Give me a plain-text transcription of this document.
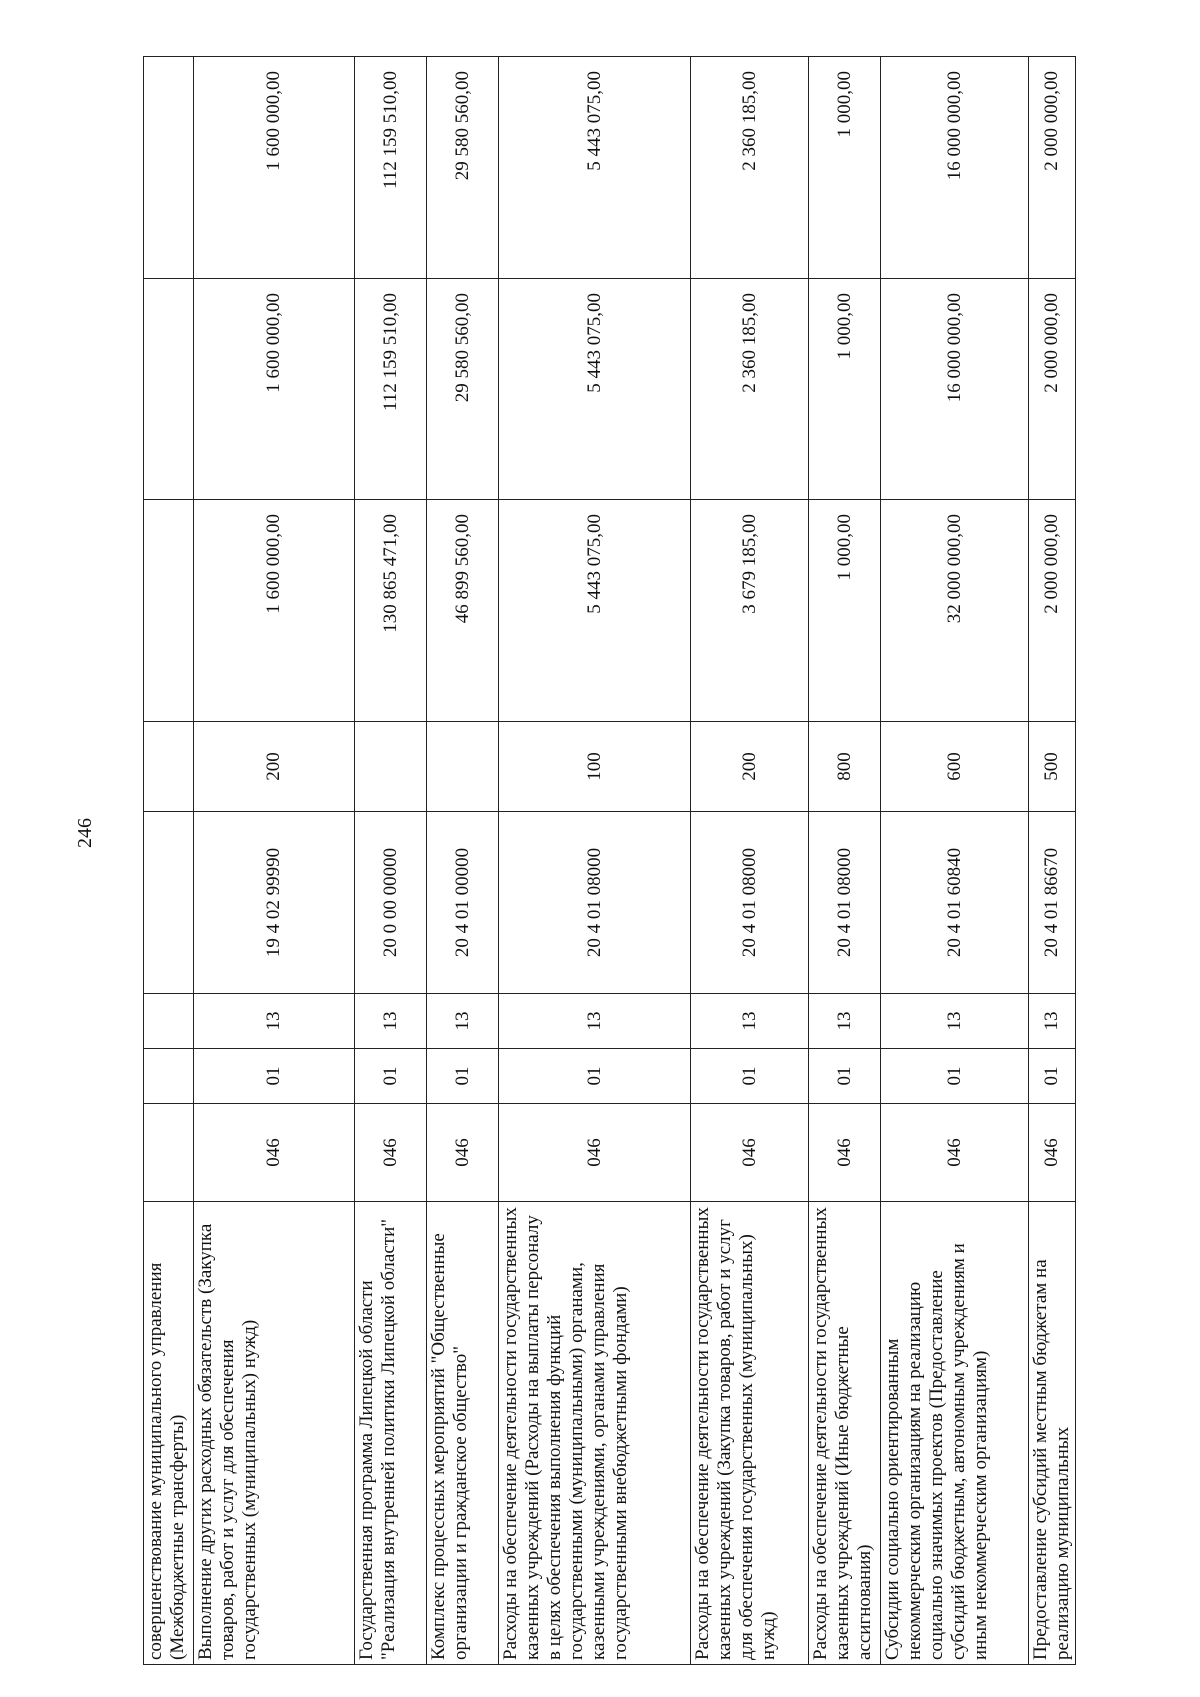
246
совершенствование муниципального управления (Межбюджетные трансферты)								
Выполнение других расходных обязательств (Закупка товаров, работ и услуг для обеспечения государственных (муниципальных) нужд)	046	01	13	19 4 02 99990	200	1 600 000,00	1 600 000,00	1 600 000,00
Государственная программа Липецкой области "Реализация внутренней политики Липецкой области"	046	01	13	20 0 00 00000		130 865 471,00	112 159 510,00	112 159 510,00
Комплекс процессных мероприятий "Общественные организации и гражданское общество"	046	01	13	20 4 01 00000		46 899 560,00	29 580 560,00	29 580 560,00
Расходы на обеспечение деятельности государственных казенных учреждений (Расходы на выплаты персоналу в целях обеспечения выполнения функций государственными (муниципальными) органами, казенными учреждениями, органами управления государственными внебюджетными фондами)	046	01	13	20 4 01 08000	100	5 443 075,00	5 443 075,00	5 443 075,00
Расходы на обеспечение деятельности государственных казенных учреждений (Закупка товаров, работ и услуг для обеспечения государственных (муниципальных) нужд)	046	01	13	20 4 01 08000	200	3 679 185,00	2 360 185,00	2 360 185,00
Расходы на обеспечение деятельности государственных казенных учреждений (Иные бюджетные ассигнования)	046	01	13	20 4 01 08000	800	1 000,00	1 000,00	1 000,00
Субсидии социально ориентированным некоммерческим организациям на реализацию социально значимых проектов (Предоставление субсидий бюджетным, автономным учреждениям и иным некоммерческим организациям)	046	01	13	20 4 01 60840	600	32 000 000,00	16 000 000,00	16 000 000,00
Предоставление субсидий местным бюджетам на реализацию муниципальных	046	01	13	20 4 01 86670	500	2 000 000,00	2 000 000,00	2 000 000,00
